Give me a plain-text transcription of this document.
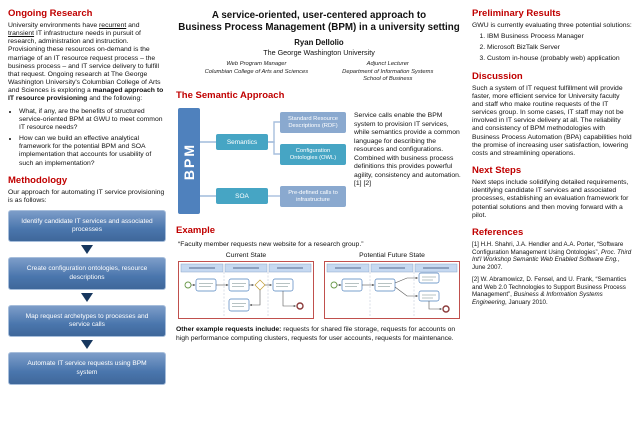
Ongoing Research

University environments have recurrent and transient IT infrastructure needs in pursuit of research, administration and instruction. Provisioning these resources on-demand is the marriage of an IT resource request process – the business process – and IT service delivery to fulfill that request. Ongoing research at The George Washington University's Columbian College of Arts and Sciences is exploring a managed approach to IT resource provisioning and the following:

• What, if any, are the benefits of structured service-oriented BPM at GWU to meet common IT resource needs?
• How can we build an effective analytical framework for the potential BPM and SOA implementation that accounts for usability of such an implementation?
Methodology

Our approach for automating IT service provisioning is as follows:

Identify candidate IT services and associated processes
Create configuration ontologies, resource descriptions
Map request archetypes to processes and service calls
Automate IT service requests using BPM system
A service-oriented, user-centered approach to
Business Process Management (BPM) in a university setting
Ryan Dellolio
The George Washington University
Web Program Manager
Columbian College of Arts and Sciences
Adjunct Lecturer
Department of Information Systems
School of Business
The Semantic Approach
BPM
Semantics
SOA
Standard Resource Descriptions (RDF)
Configuration Ontologies (OWL)
Pre-defined calls to infrastructure

Service calls enable the BPM system to provision IT services, while semantics provide a common language for describing the resources and configurations. Combined with business process definitions this provides powerful agility, consistency and automation. [1] [2]

Example

“Faculty member requests new website for a research group.”

Current State	Potential Future State

Other example requests include: requests for shared file storage, requests for accounts on high performance computing clusters, requests for user accounts, requests for maintenance.

Preliminary Results

GWU is currently evaluating three potential solutions:

1. IBM Business Process Manager
2. Microsoft BizTalk Server
3. Custom in-house (probably web) application
Discussion

Such a system of IT request fulfillment will provide faster, more efficient service for University faculty and staff who make routine requests of the IT services group. In some cases, IT staff may not be involved in IT service delivery at all. The reliability and consistency of BPM methodologies with Business Process Automation (BPA) capabilities hold the promise of increasing user satisfaction, lowering costs and streamlining operations.

Next Steps

Next steps include solidifying detailed requirements, identifying candidate IT services and associated processes, establishing an evaluation framework for potential solutions and then moving forward with a pilot.

References

[1] H.H. Shahri, J.A. Hendler and A.A. Porter, “Software Configuration Management Using Ontologies”, Proc. Third Int'l Workshop Semantic Web Enabled Software Eng., June 2007.

[2] W. Abramowicz, D. Fensel, and U. Frank, “Semantics and Web 2.0 Technologies to Support Business Process Management”, Business & Information Systems Engineering, January 2010.
